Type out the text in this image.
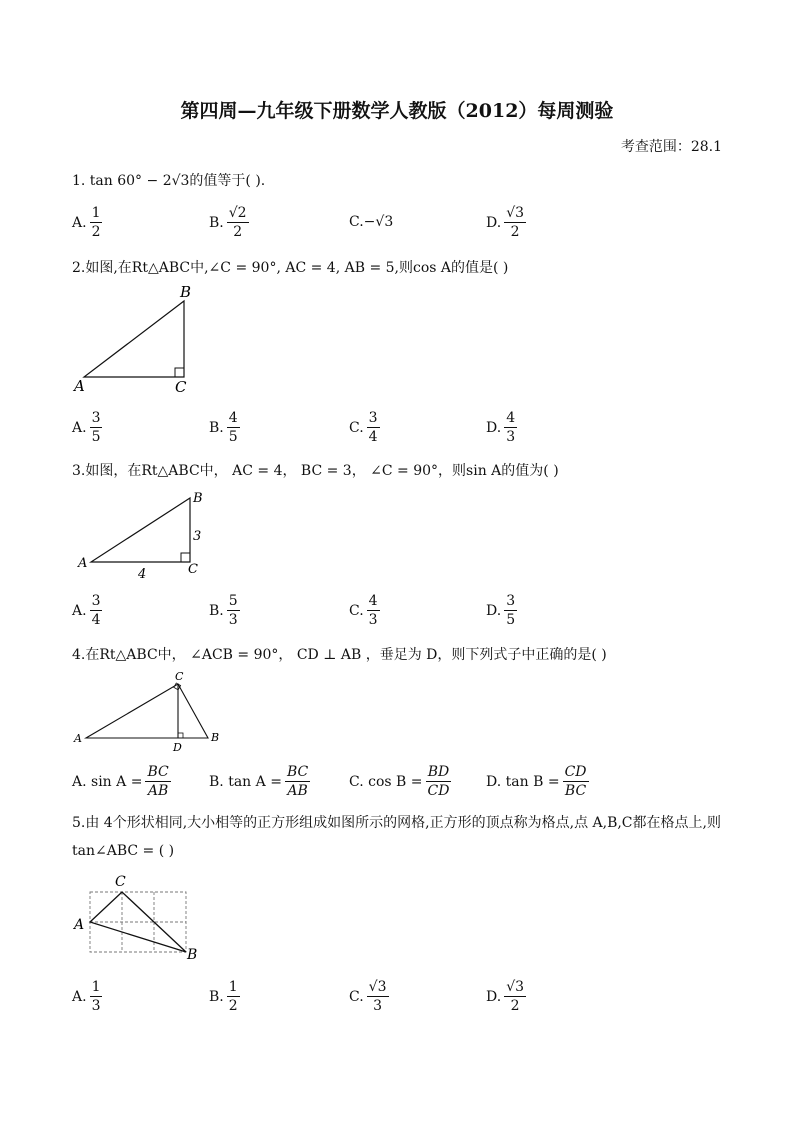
第四周—九年级下册数学人教版（2012）每周测验
考查范围：28.1
1. tan 60° − 2√3的值等于( ).
A. $\frac{1}{2}$	B. $\frac{√2}{2}$	C. −√3	D. $\frac{√3}{2}$
2.如图,在Rt△ABC中,∠C = 90°, AC = 4, AB = 5,则cos A的值是( )
A	C
B
A. $\frac{3}{5}$	B. $\frac{4}{5}$	C. $\frac{3}{4}$	D. $\frac{4}{3}$
3.如图，在Rt△ABC中， AC = 4， BC = 3， ∠C = 90°，则sin A的值为( )
A	C
B
4
3
A. $\frac{3}{4}$	B. $\frac{5}{3}$	C. $\frac{4}{3}$	D. $\frac{3}{5}$
4.在Rt△ABC中， ∠ACB = 90°， CD ⊥ AB ，垂足为 D，则下列式子中正确的是( )
A	B
C
D
A.
$\sin A = \frac{BC}{AB}$	B.
$\tan A = \frac{BC}{AB}$	C.
$\cos B = \frac{BD}{CD} D$.
$\tan B = \frac{CD}{BC}$
5.由 4个形状相同,大小相等的正方形组成如图所示的网格,正方形的顶点称为格点,点 A,B,C都在格点上,则 tan∠ABC = ( )
A
C
B
A. $\frac{1}{3}$	B. $\frac{1}{2}$	C. $\frac{√3}{3}$	D. $\frac{√3}{2}$
